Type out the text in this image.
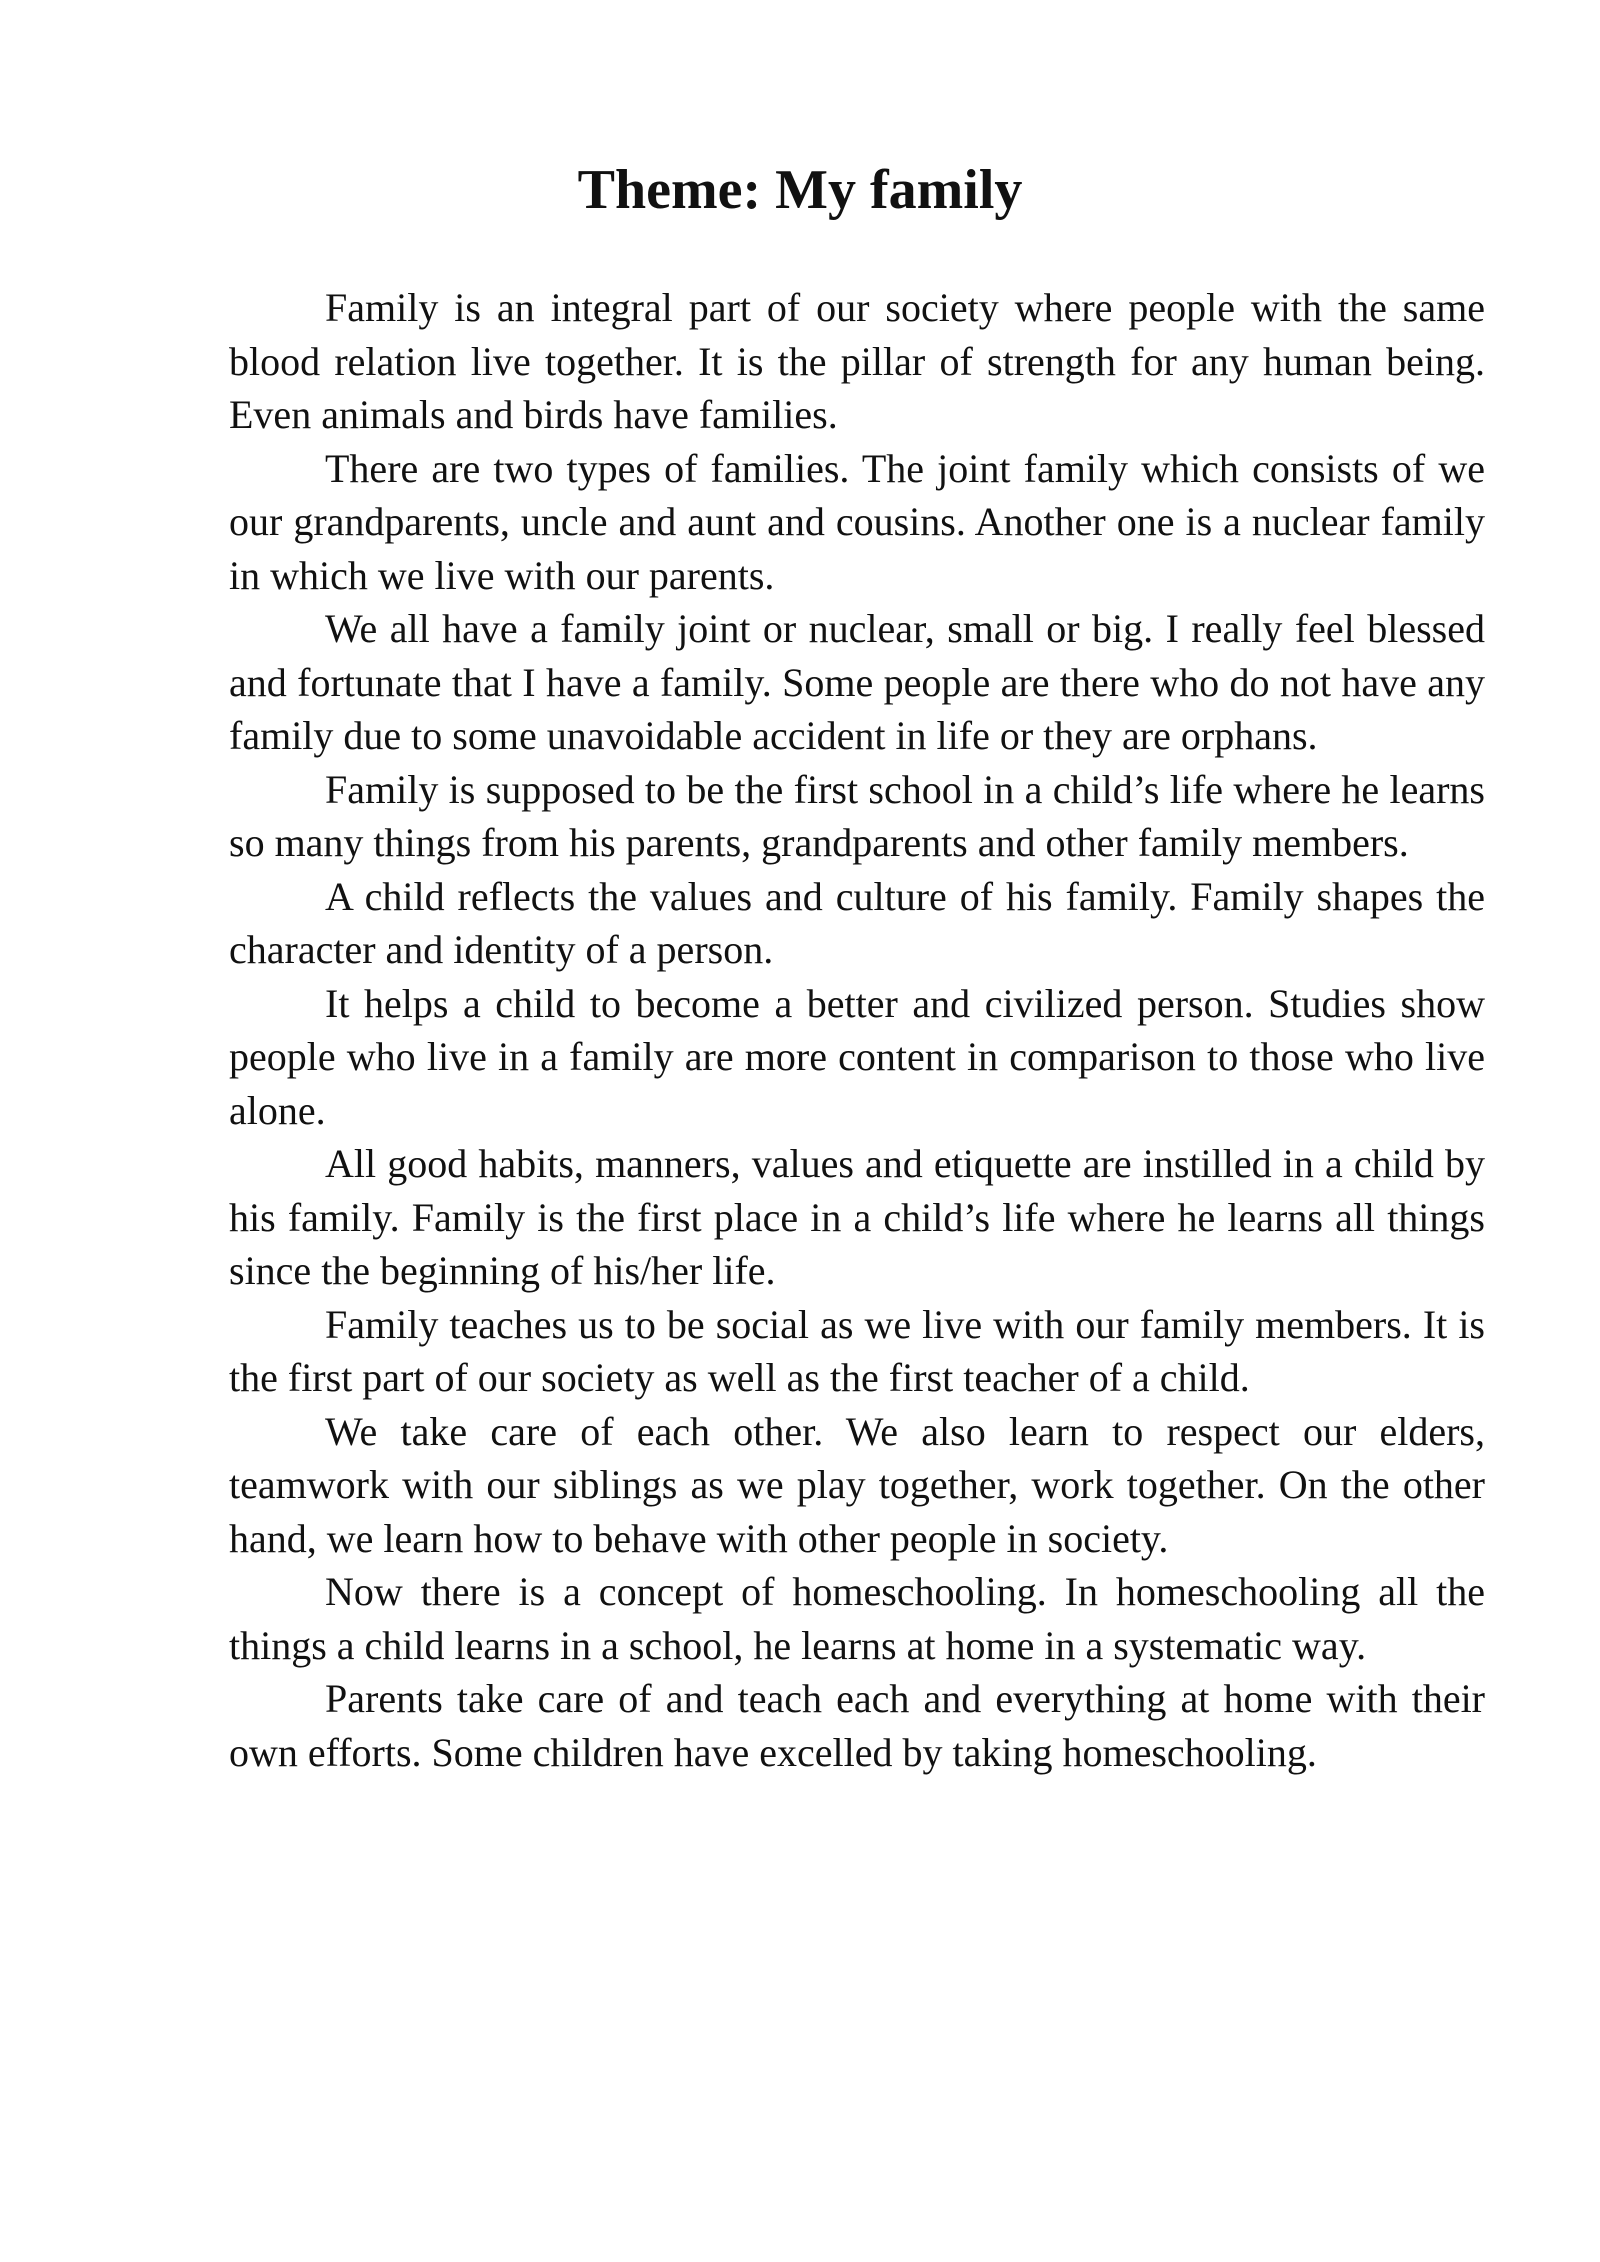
Theme: My family

Family is an integral part of our society where people with the same blood relation live together. It is the pillar of strength for any human being. Even animals and birds have families.

There are two types of families. The joint family which consists of we our grandparents, uncle and aunt and cousins. Another one is a nuclear family in which we live with our parents.

We all have a family joint or nuclear, small or big. I really feel blessed and fortunate that I have a family. Some people are there who do not have any family due to some unavoidable accident in life or they are orphans.

Family is supposed to be the first school in a child’s life where he learns so many things from his parents, grandparents and other family members.

A child reflects the values and culture of his family. Family shapes the character and identity of a person.

It helps a child to become a better and civilized person. Studies show people who live in a family are more content in comparison to those who live alone.

All good habits, manners, values and etiquette are instilled in a child by his family. Family is the first place in a child’s life where he learns all things since the beginning of his/her life.

Family teaches us to be social as we live with our family members. It is the first part of our society as well as the first teacher of a child.

We take care of each other. We also learn to respect our elders, teamwork with our siblings as we play together, work together. On the other hand, we learn how to behave with other people in society.

Now there is a concept of homeschooling. In homeschooling all the things a child learns in a school, he learns at home in a systematic way.

Parents take care of and teach each and everything at home with their own efforts. Some children have excelled by taking homeschooling.
